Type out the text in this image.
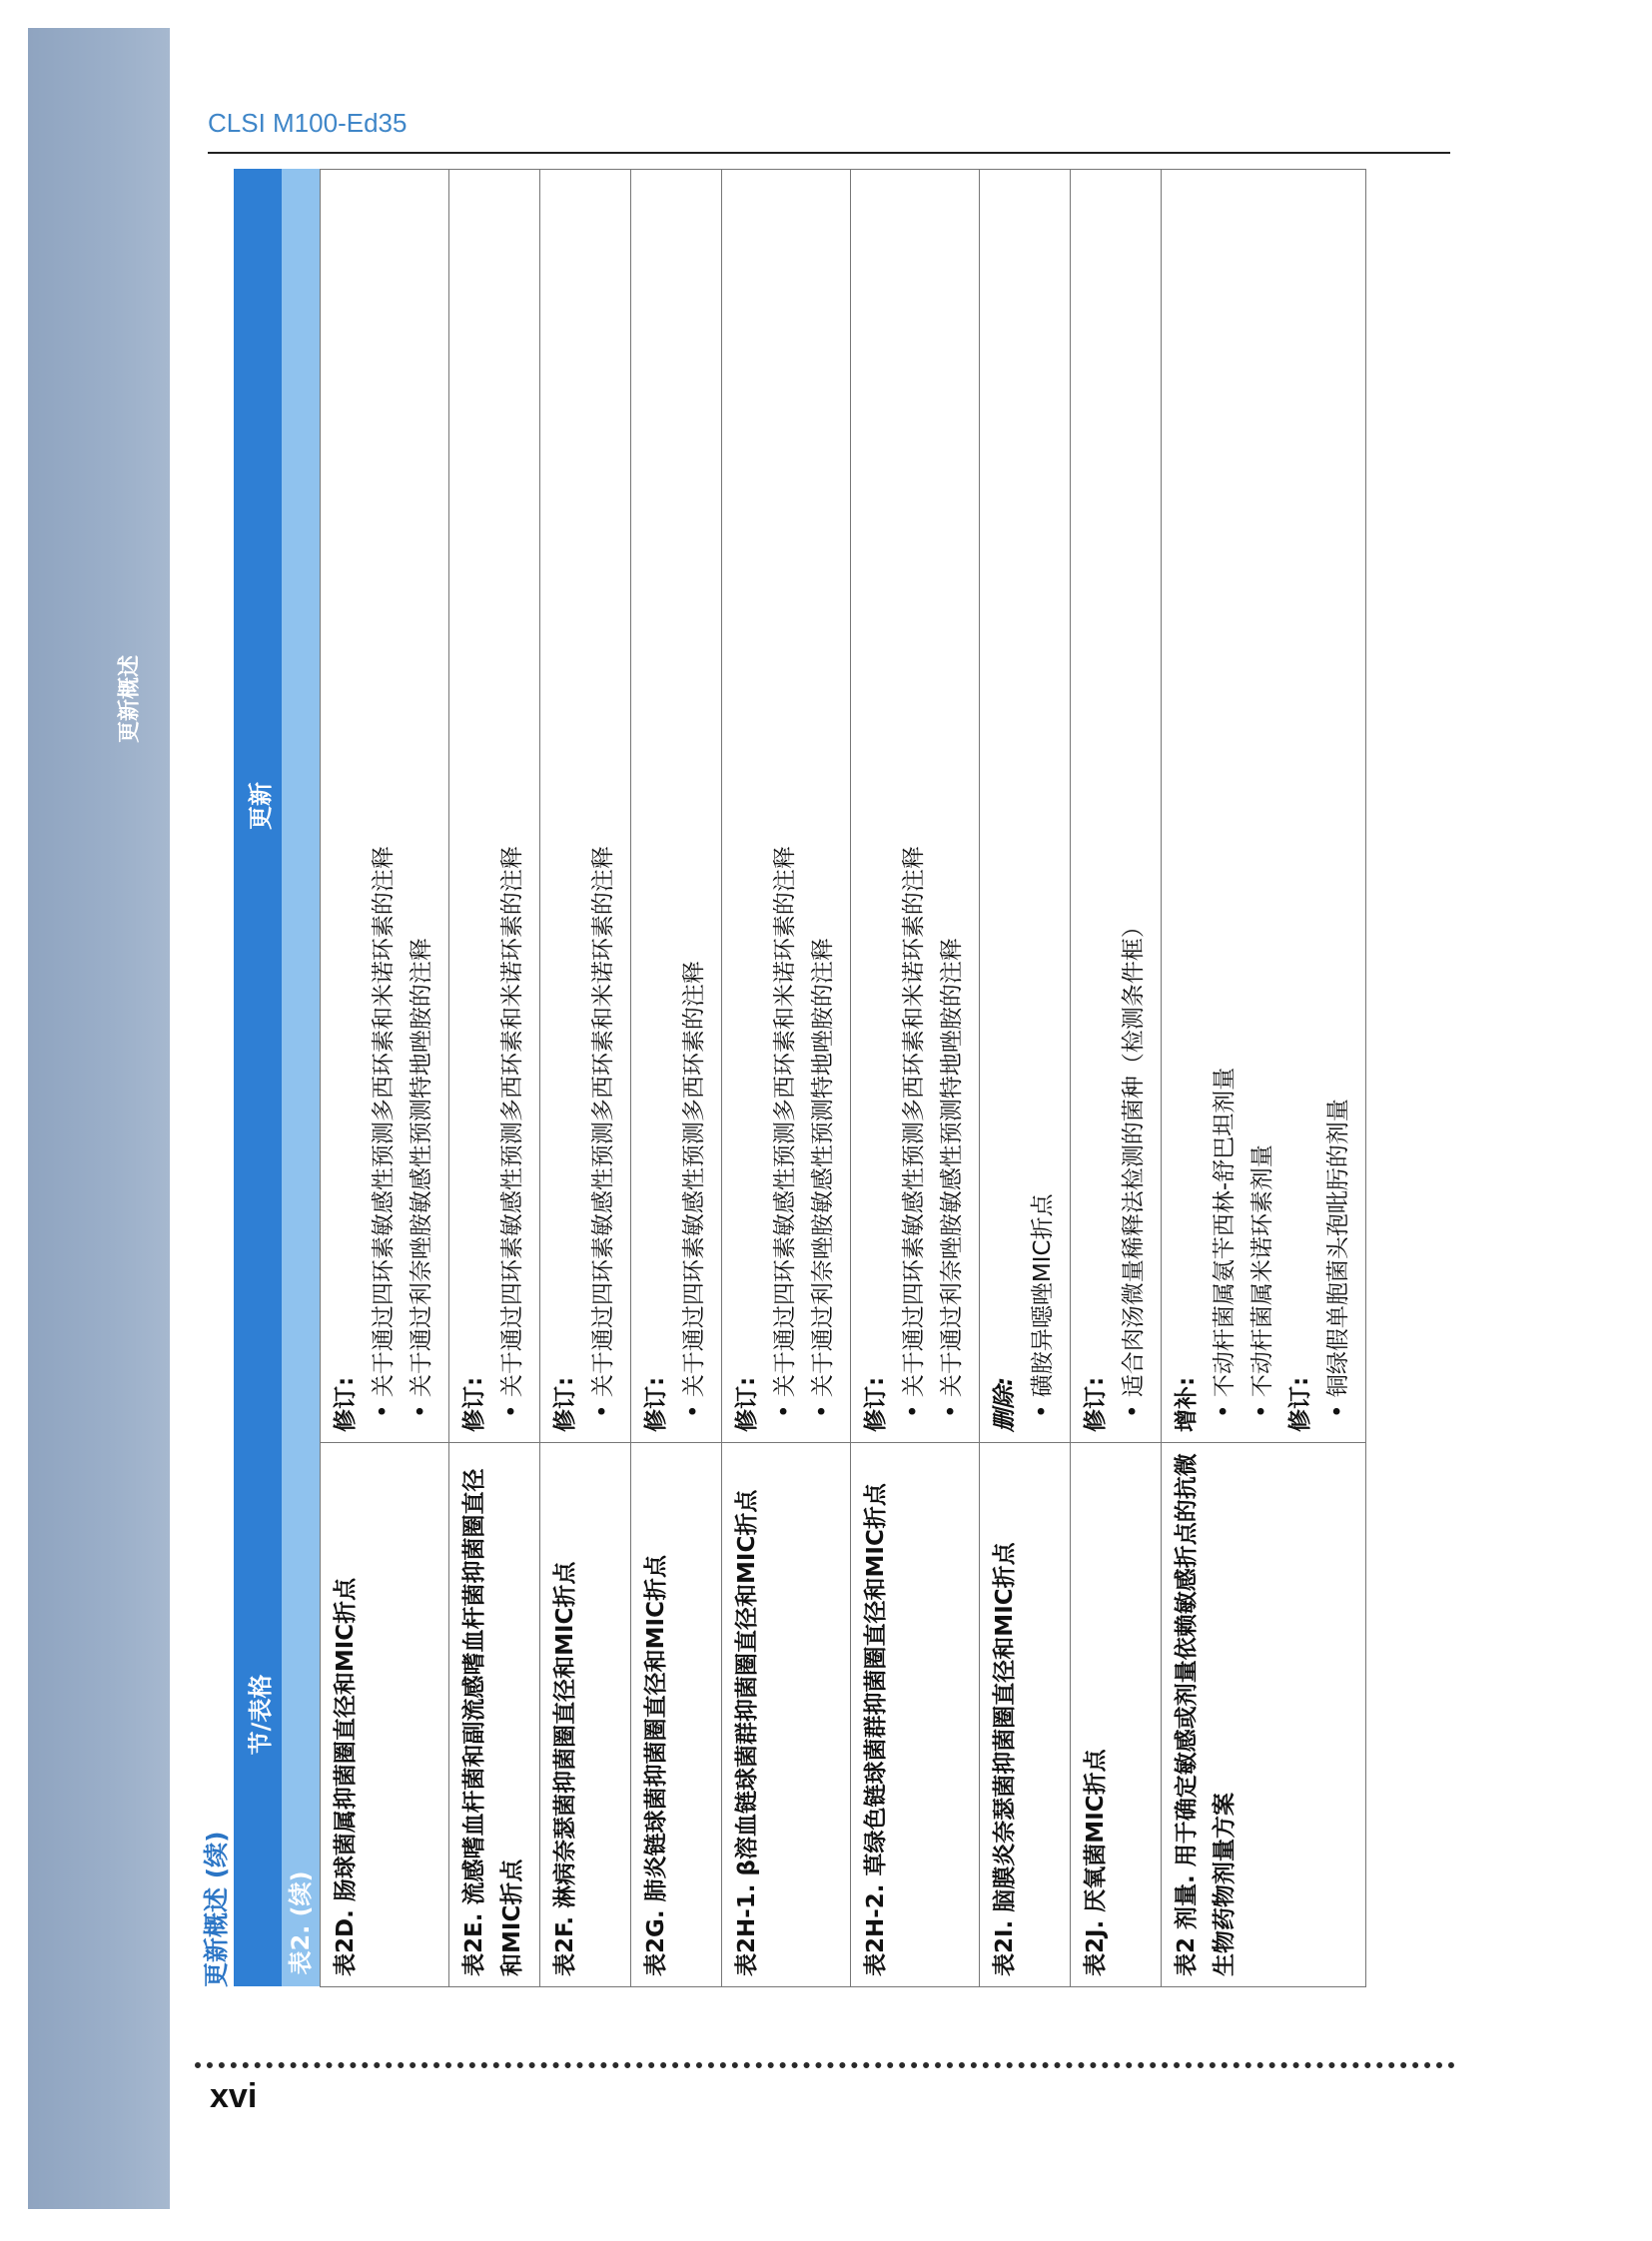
更新概述
CLSI M100-Ed35
更新概述 (续)
节/表格	更新
表2. (续)	
表2D. 肠球菌属抑菌圈直径和MIC折点	修订:
• 关于通过四环素敏感性预测多西环素和米诺环素的注释 • 关于通过利奈唑胺敏感性预测特地唑胺的注释

表2E. 流感嗜血杆菌和副流感嗜血杆菌抑菌圈直径和MIC折点	修订:
• 关于通过四环素敏感性预测多西环素和米诺环素的注释

表2F. 淋病奈瑟菌抑菌圈直径和MIC折点	修订:
• 关于通过四环素敏感性预测多西环素和米诺环素的注释

表2G. 肺炎链球菌抑菌圈直径和MIC折点	修订:
• 关于通过四环素敏感性预测多西环素的注释

表2H-1. β溶血链球菌群抑菌圈直径和MIC折点	修订:
• 关于通过四环素敏感性预测多西环素和米诺环素的注释 • 关于通过利奈唑胺敏感性预测特地唑胺的注释

表2H-2. 草绿色链球菌群抑菌圈直径和MIC折点	修订:
• 关于通过四环素敏感性预测多西环素和米诺环素的注释 • 关于通过利奈唑胺敏感性预测特地唑胺的注释

表2I. 脑膜炎奈瑟菌抑菌圈直径和MIC折点	删除:
• 磺胺异噁唑MIC折点

表2J. 厌氧菌MIC折点	修订:
• 适合肉汤微量稀释法检测的菌种（检测条件框）

表2 剂量. 用于确定敏感或剂量依赖敏感折点的抗微生物药物剂量方案	增补:
• 不动杆菌属氨苄西林-舒巴坦剂量 • 不动杆菌属米诺环素剂量
修订:
• 铜绿假单胞菌头孢吡肟的剂量
xvi
